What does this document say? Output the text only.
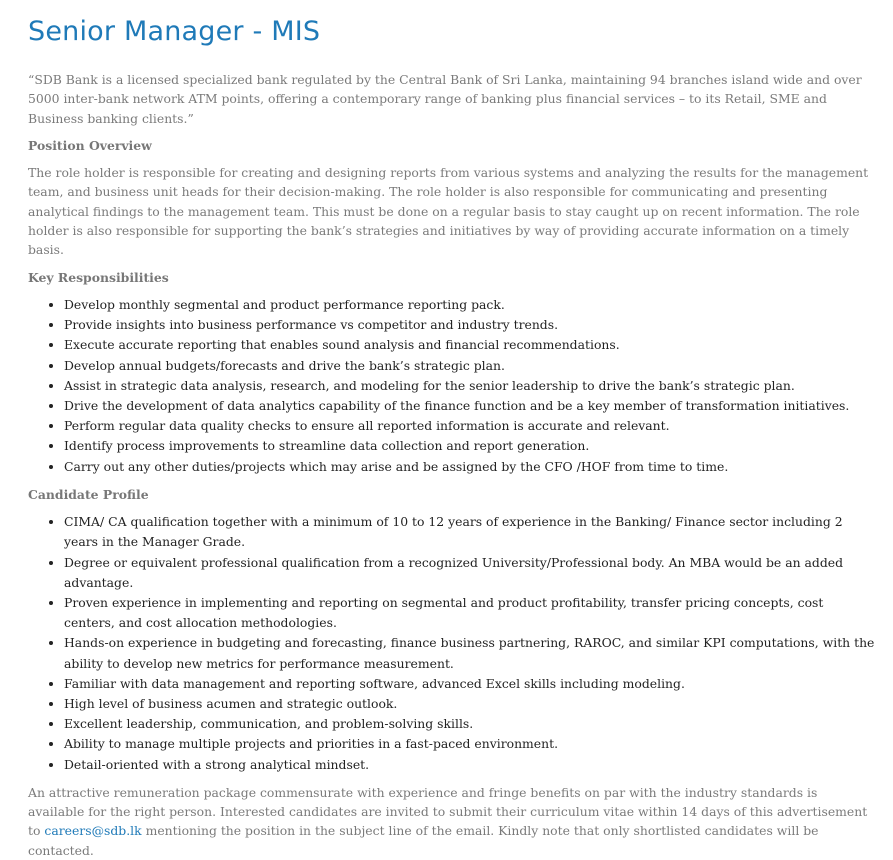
Senior Manager - MIS

“SDB Bank is a licensed specialized bank regulated by the Central Bank of Sri Lanka, maintaining 94 branches island wide and over 5000 inter-bank network ATM points, offering a contemporary range of banking plus financial services – to its Retail, SME and Business banking clients.”

Position Overview

The role holder is responsible for creating and designing reports from various systems and analyzing the results for the management team, and business unit heads for their decision-making. The role holder is also responsible for communicating and presenting analytical findings to the management team. This must be done on a regular basis to stay caught up on recent information. The role holder is also responsible for supporting the bank’s strategies and initiatives by way of providing accurate information on a timely basis.

Key Responsibilities
• Develop monthly segmental and product performance reporting pack.
• Provide insights into business performance vs competitor and industry trends.
• Execute accurate reporting that enables sound analysis and financial recommendations.
• Develop annual budgets/forecasts and drive the bank’s strategic plan.
• Assist in strategic data analysis, research, and modeling for the senior leadership to drive the bank’s strategic plan.
• Drive the development of data analytics capability of the finance function and be a key member of transformation initiatives.
• Perform regular data quality checks to ensure all reported information is accurate and relevant.
• Identify process improvements to streamline data collection and report generation.
• Carry out any other duties/projects which may arise and be assigned by the CFO /HOF from time to time.
Candidate Profile
• CIMA/ CA qualification together with a minimum of 10 to 12 years of experience in the Banking/ Finance sector including 2 years in the Manager Grade.
• Degree or equivalent professional qualification from a recognized University/Professional body. An MBA would be an added advantage.
• Proven experience in implementing and reporting on segmental and product profitability, transfer pricing concepts, cost centers, and cost allocation methodologies.
• Hands-on experience in budgeting and forecasting, finance business partnering, RAROC, and similar KPI computations, with the ability to develop new metrics for performance measurement.
• Familiar with data management and reporting software, advanced Excel skills including modeling.
• High level of business acumen and strategic outlook.
• Excellent leadership, communication, and problem-solving skills.
• Ability to manage multiple projects and priorities in a fast-paced environment.
• Detail-oriented with a strong analytical mindset.

An attractive remuneration package commensurate with experience and fringe benefits on par with the industry standards is available for the right person. Interested candidates are invited to submit their curriculum vitae within 14 days of this advertisement to careers@sdb.lk mentioning the position in the subject line of the email. Kindly note that only shortlisted candidates will be contacted.
